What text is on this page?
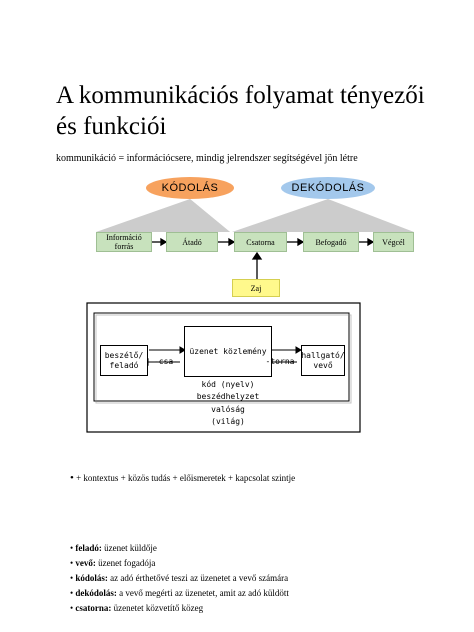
A kommunikációs folyamat tényezői és funkciói
kommunikáció = információcsere, mindig jelrendszer segítségével jön létre
KÓDOLÁS	DEKÓDOLÁS
Információ forrás	Átadó	Csatorna	Befogadó	Végcél
Zaj
beszélő/ feladó	-csa-
üzenet közlemény
-torna
hallgató/ vevő
kód (nyelv)
beszédhelyzet
valóság
(világ)
• + kontextus + közös tudás + előismeretek + kapcsolat szintje
• feladó: üzenet küldője
• vevő: üzenet fogadója
• kódolás: az adó érthetővé teszi az üzenetet a vevő számára
• dekódolás: a vevő megérti az üzenetet, amit az adó küldött
• csatorna: üzenetet közvetítő közeg
